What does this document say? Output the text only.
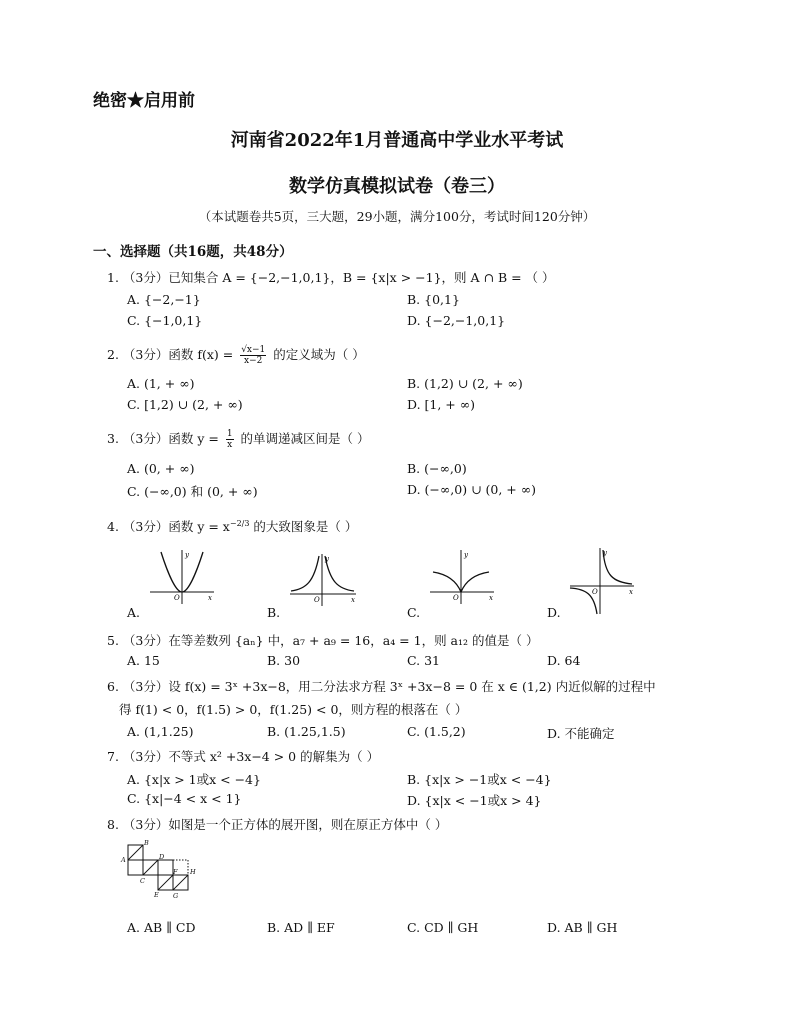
绝密★启用前
河南省2022年1月普通高中学业水平考试
数学仿真模拟试卷（卷三）
（本试题卷共5页，三大题，29小题，满分100分，考试时间120分钟）
一、选择题（共16题，共48分）
1. （3分）已知集合 A = {−2,−1,0,1}，B = {x|x > −1}，则 A ∩ B = （ ）
A. {−2,−1}	B. {0,1}
C. {−1,0,1}	D. {−2,−1,0,1}
2. （3分）函数 $f(x) = \frac{√x-1}{x-2}$ 的定义域为（ ）
A. (1, + ∞)	B. (1,2) ∪ (2, + ∞)
C. [1,2) ∪ (2, + ∞)	D. [1, + ∞)
3. （3分）函数 $y = \frac{1}{x}$ 的单调递减区间是（ ）
A. (0, + ∞)	B. (−∞,0)
C. (−∞,0) 和 (0, + ∞)	D. (−∞,0) ∪ (0, + ∞)
4. （3分）函数 $y = x^{-2/3}$ 的大致图象是（ ）
y
x
O
A.
y
x
O
B.
y
x
O
C.
y
x
O
D.
5. （3分）在等差数列 {aₙ} 中，a₇ + a₉ = 16，a₄ = 1，则 a₁₂ 的值是（ ）
A. 15	B. 30	C. 31	D. 64
6. （3分）设 f(x) = 3ˣ +3x−8，用二分法求方程 3ˣ +3x−8 = 0 在 x ∈ (1,2) 内近似解的过程中
得 f(1) < 0，f(1.5) > 0，f(1.25) < 0，则方程的根落在（ ）
A. (1,1.25)	B. (1.25,1.5)	C. (1.5,2)	D. 不能确定
7. （3分）不等式 x² +3x−4 > 0 的解集为（ ）
A. {x|x > 1或x < −4}	B. {x|x > −1或x < −4}
C. {x|−4 < x < 1}	D. {x|x < −1或x > 4}
8. （3分）如图是一个正方体的展开图，则在原正方体中（ ）
A
B
C
D
E
F
G
H
A. AB ∥ CD	B. AD ∥ EF	C. CD ∥ GH	D. AB ∥ GH
